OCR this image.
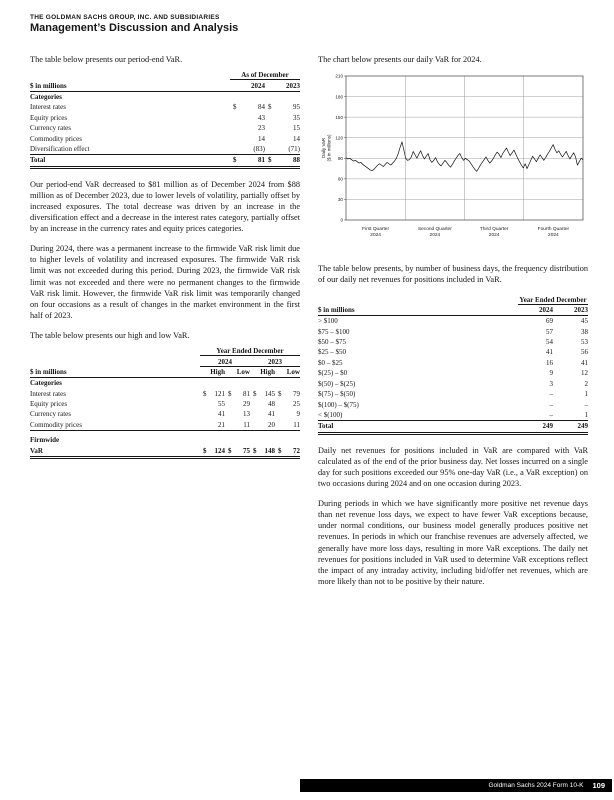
THE GOLDMAN SACHS GROUP, INC. AND SUBSIDIARIES
Management’s Discussion and Analysis

The table below presents our period-end VaR.

	As of December			
$ in millions		2024		2023
Categories				
Interest rates	$	84	$	95
Equity prices		43		35
Currency rates		23		15
Commodity prices		14		14
Diversification effect		(83)		(71)
Total	$	81	$	88

Our period-end VaR decreased to $81 million as of December 2024 from $88 million as of December 2023, due to lower levels of volatility, partially offset by increased exposures. The total decrease was driven by an increase in the diversification effect and a decrease in the interest rates category, partially offset by an increase in the currency rates and equity prices categories.

During 2024, there was a permanent increase to the firmwide VaR risk limit due to higher levels of volatility and increased exposures. The firmwide VaR risk limit was not exceeded during this period. During 2023, the firmwide VaR risk limit was not exceeded and there were no permanent changes to the firmwide VaR risk limit. However, the firmwide VaR risk limit was temporarily changed on four occasions as a result of changes in the market environment in the first half of 2023.

The table below presents our high and low VaR.

	Year Ended December							
	2024				2023			
$ in millions		High		Low		High		Low
Categories								
Interest rates	$	121	$	81	$	145	$	79
Equity prices		55		29		48		25
Currency rates		41		13		41		9
Commodity prices		21		11		20		11

Firmwide								
VaR	$	124	$	75	$	148	$	72

The chart below presents our daily VaR for 2024.

0
30
60
90
120
150
180
210
First Quarter
2024
Second Quarter
2024
Third Quarter
2024
Fourth Quarter
2024
Daily VaR($ in millions)

The table below presents, by number of business days, the frequency distribution of our daily net revenues for positions included in VaR.

	Year Ended December			
$ in millions		2024		2023
> $100		69		45
$75 – $100		57		38
$50 – $75		54		53
$25 – $50		41		56
$0 – $25		16		41
$(25) – $0		9		12
$(50) – $(25)		3		2
$(75) – $(50)		–		1
$(100) – $(75)		–		–
< $(100)		–		1
Total		249		249

Daily net revenues for positions included in VaR are compared with VaR calculated as of the end of the prior business day. Net losses incurred on a single day for such positions exceeded our 95% one-day VaR (i.e., a VaR exception) on two occasions during 2024 and on one occasion during 2023.

During periods in which we have significantly more positive net revenue days than net revenue loss days, we expect to have fewer VaR exceptions because, under normal conditions, our business model generally produces positive net revenues. In periods in which our franchise revenues are adversely affected, we generally have more loss days, resulting in more VaR exceptions. The daily net revenues for positions included in VaR used to determine VaR exceptions reflect the impact of any intraday activity, including bid/offer net revenues, which are more likely than not to be positive by their nature.

Goldman Sachs 2024 Form 10-K 109
